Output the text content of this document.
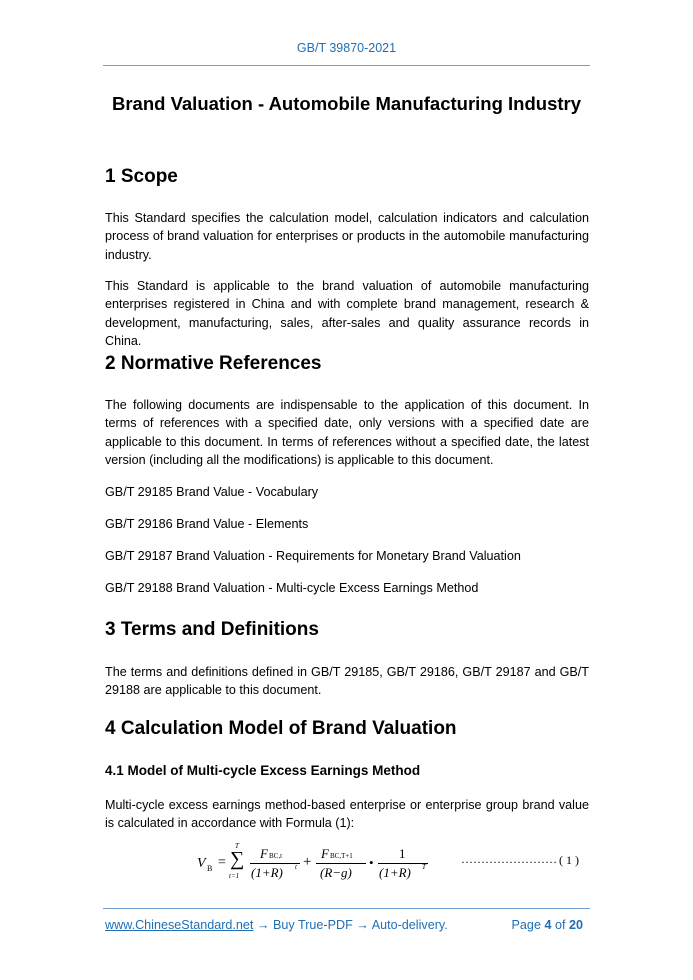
GB/T 39870-2021
Brand Valuation - Automobile Manufacturing Industry
1 Scope
This Standard specifies the calculation model, calculation indicators and calculation process of brand valuation for enterprises or products in the automobile manufacturing industry.
This Standard is applicable to the brand valuation of automobile manufacturing enterprises registered in China and with complete brand management, research & development, manufacturing, sales, after-sales and quality assurance records in China.
2 Normative References
The following documents are indispensable to the application of this document. In terms of references with a specified date, only versions with a specified date are applicable to this document. In terms of references without a specified date, the latest version (including all the modifications) is applicable to this document.
GB/T 29185 Brand Value - Vocabulary
GB/T 29186 Brand Value - Elements
GB/T 29187 Brand Valuation - Requirements for Monetary Brand Valuation
GB/T 29188 Brand Valuation - Multi-cycle Excess Earnings Method
3 Terms and Definitions
The terms and definitions defined in GB/T 29185, GB/T 29186, GB/T 29187 and GB/T 29188 are applicable to this document.
4 Calculation Model of Brand Valuation
4.1 Model of Multi-cycle Excess Earnings Method
Multi-cycle excess earnings method-based enterprise or enterprise group brand value is calculated in accordance with Formula (1):
V B =
T
∑
t=1
F BC,t
(1+R) t +
F BC,T+1
(R−g)
•
1
(1+R) T
…………………… ( 1 )
www.ChineseStandard.net → Buy True-PDF → Auto-delivery.	Page 4 of 20
